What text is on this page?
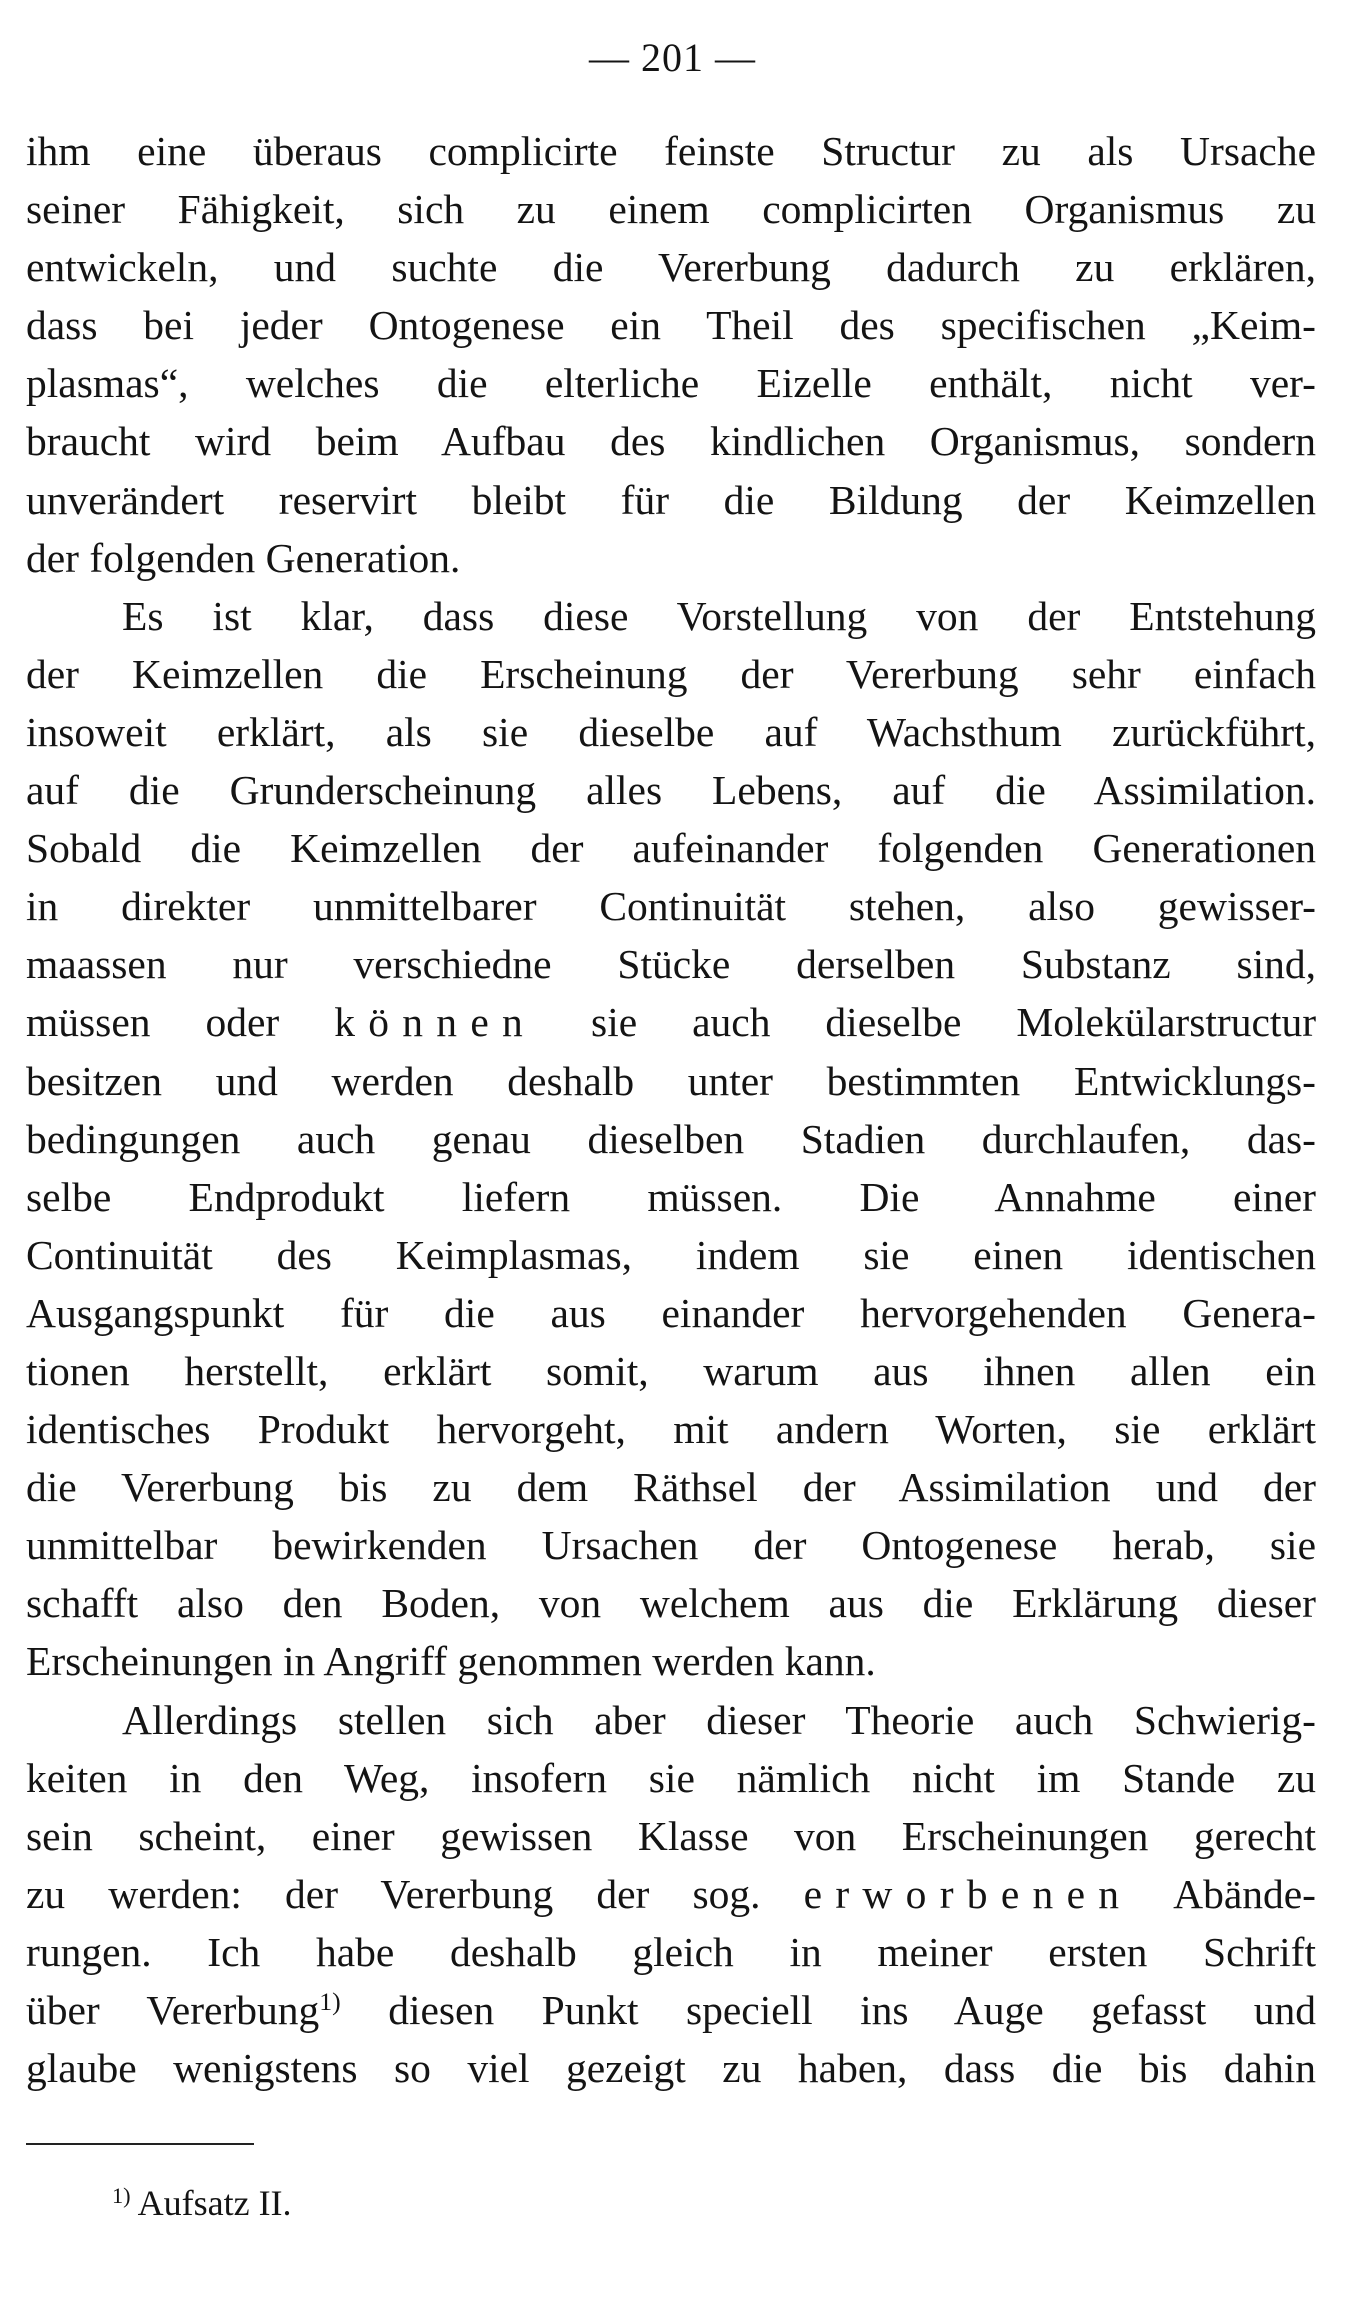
— 201 —
ihm eine überaus complicirte feinste Structur zu als Ursache
seiner Fähigkeit, sich zu einem complicirten Organismus zu
entwickeln, und suchte die Vererbung dadurch zu erklären,
dass bei jeder Ontogenese ein Theil des specifischen „Keim-
plasmas“, welches die elterliche Eizelle enthält, nicht ver-
braucht wird beim Aufbau des kindlichen Organismus, sondern
unverändert reservirt bleibt für die Bildung der Keimzellen
der folgenden Generation.
Es ist klar, dass diese Vorstellung von der Entstehung
der Keimzellen die Erscheinung der Vererbung sehr einfach
insoweit erklärt, als sie dieselbe auf Wachsthum zurückführt,
auf die Grunderscheinung alles Lebens, auf die Assimilation.
Sobald die Keimzellen der aufeinander folgenden Generationen
in direkter unmittelbarer Continuität stehen, also gewisser-
maassen nur verschiedne Stücke derselben Substanz sind,
müssen oder können sie auch dieselbe Molekülarstructur
besitzen und werden deshalb unter bestimmten Entwicklungs-
bedingungen auch genau dieselben Stadien durchlaufen, das-
selbe Endprodukt liefern müssen. Die Annahme einer
Continuität des Keimplasmas, indem sie einen identischen
Ausgangspunkt für die aus einander hervorgehenden Genera-
tionen herstellt, erklärt somit, warum aus ihnen allen ein
identisches Produkt hervorgeht, mit andern Worten, sie erklärt
die Vererbung bis zu dem Räthsel der Assimilation und der
unmittelbar bewirkenden Ursachen der Ontogenese herab, sie
schafft also den Boden, von welchem aus die Erklärung dieser
Erscheinungen in Angriff genommen werden kann.
Allerdings stellen sich aber dieser Theorie auch Schwierig-
keiten in den Weg, insofern sie nämlich nicht im Stande zu
sein scheint, einer gewissen Klasse von Erscheinungen gerecht
zu werden: der Vererbung der sog. erworbenen Abände-
rungen. Ich habe deshalb gleich in meiner ersten Schrift
über Vererbung$^{1)}$ diesen Punkt speciell ins Auge gefasst und
glaube wenigstens so viel gezeigt zu haben, dass die bis dahin
$^{1)}$ Aufsatz II.
